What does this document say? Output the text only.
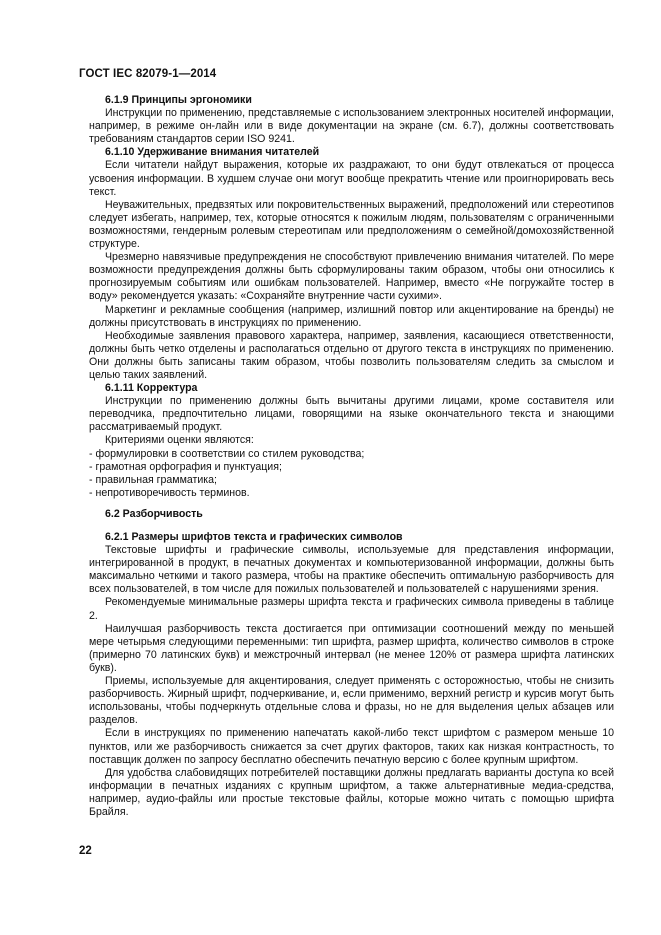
ГОСТ IEC 82079-1—2014

6.1.9 Принципы эргономики

Инструкции по применению, представляемые с использованием электронных носителей информации, например, в режиме он-лайн или в виде документации на экране (см. 6.7), должны соответствовать требованиям стандартов серии ISO 9241.

6.1.10 Удерживание внимания читателей

Если читатели найдут выражения, которые их раздражают, то они будут отвлекаться от процесса усвоения информации. В худшем случае они могут вообще прекратить чтение или проигнорировать весь текст.

Неуважительных, предвзятых или покровительственных выражений, предположений или стереотипов следует избегать, например, тех, которые относятся к пожилым людям, пользователям с ограниченными возможностями, гендерным ролевым стереотипам или предположениям о семейной/домохозяйственной структуре.

Чрезмерно навязчивые предупреждения не способствуют привлечению внимания читателей. По мере возможности предупреждения должны быть сформулированы таким образом, чтобы они относились к прогнозируемым событиям или ошибкам пользователей. Например, вместо «Не погружайте тостер в воду» рекомендуется указать: «Сохраняйте внутренние части сухими».

Маркетинг и рекламные сообщения (например, излишний повтор или акцентирование на бренды) не должны присутствовать в инструкциях по применению.

Необходимые заявления правового характера, например, заявления, касающиеся ответственности, должны быть четко отделены и располагаться отдельно от другого текста в инструкциях по применению. Они должны быть записаны таким образом, чтобы позволить пользователям следить за смыслом и целью таких заявлений.

6.1.11 Корректура

Инструкции по применению должны быть вычитаны другими лицами, кроме составителя или переводчика, предпочтительно лицами, говорящими на языке окончательного текста и знающими рассматриваемый продукт.

Критериями оценки являются:

- формулировки в соответствии со стилем руководства;

- грамотная орфография и пунктуация;

- правильная грамматика;

- непротиворечивость терминов.

6.2 Разборчивость

6.2.1 Размеры шрифтов текста и графических символов

Текстовые шрифты и графические символы, используемые для представления информации, интегрированной в продукт, в печатных документах и компьютеризованной информации, должны быть максимально четкими и такого размера, чтобы на практике обеспечить оптимальную разборчивость для всех пользователей, в том числе для пожилых пользователей и пользователей с нарушениями зрения.

Рекомендуемые минимальные размеры шрифта текста и графических символа приведены в таблице 2.

Наилучшая разборчивость текста достигается при оптимизации соотношений между по меньшей мере четырьмя следующими переменными: тип шрифта, размер шрифта, количество символов в строке (примерно 70 латинских букв) и межстрочный интервал (не менее 120% от размера шрифта латинских букв).

Приемы, используемые для акцентирования, следует применять с осторожностью, чтобы не снизить разборчивость. Жирный шрифт, подчеркивание, и, если применимо, верхний регистр и курсив могут быть использованы, чтобы подчеркнуть отдельные слова и фразы, но не для выделения целых абзацев или разделов.

Если в инструкциях по применению напечатать какой-либо текст шрифтом с размером меньше 10 пунктов, или же разборчивость снижается за счет других факторов, таких как низкая контрастность, то поставщик должен по запросу бесплатно обеспечить печатную версию с более крупным шрифтом.

Для удобства слабовидящих потребителей поставщики должны предлагать варианты доступа ко всей информации в печатных изданиях с крупным шрифтом, а также альтернативные медиа-средства, например, аудио-файлы или простые текстовые файлы, которые можно читать с помощью шрифта Брайля.

22
